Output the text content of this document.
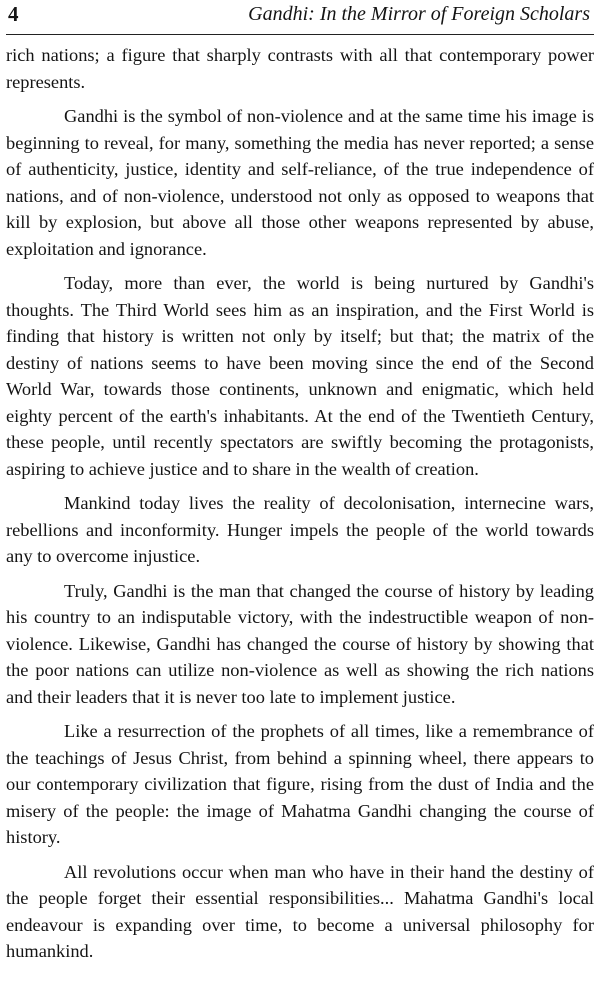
4	Gandhi: In the Mirror of Foreign Scholars

rich nations; a figure that sharply contrasts with all that contemporary power represents.

Gandhi is the symbol of non-violence and at the same time his image is beginning to reveal, for many, something the media has never reported; a sense of authenticity, justice, identity and self-reliance, of the true independence of nations, and of non-violence, understood not only as opposed to weapons that kill by explosion, but above all those other weapons represented by abuse, exploitation and ignorance.

Today, more than ever, the world is being nurtured by Gandhi's thoughts. The Third World sees him as an inspiration, and the First World is finding that history is written not only by itself; but that; the matrix of the destiny of nations seems to have been moving since the end of the Second World War, towards those continents, unknown and enigmatic, which held eighty percent of the earth's inhabitants. At the end of the Twentieth Century, these people, until recently spectators are swiftly becoming the protagonists, aspiring to achieve justice and to share in the wealth of creation.

Mankind today lives the reality of decolonisation, internecine wars, rebellions and inconformity. Hunger impels the people of the world towards any to overcome injustice.

Truly, Gandhi is the man that changed the course of history by leading his country to an indisputable victory, with the indestructible weapon of non-violence. Likewise, Gandhi has changed the course of history by showing that the poor nations can utilize non-violence as well as showing the rich nations and their leaders that it is never too late to implement justice.

Like a resurrection of the prophets of all times, like a remembrance of the teachings of Jesus Christ, from behind a spinning wheel, there appears to our contemporary civilization that figure, rising from the dust of India and the misery of the people: the image of Mahatma Gandhi changing the course of history.

All revolutions occur when man who have in their hand the destiny of the people forget their essential responsibilities... Mahatma Gandhi's local endeavour is expanding over time, to become a universal philosophy for humankind.
